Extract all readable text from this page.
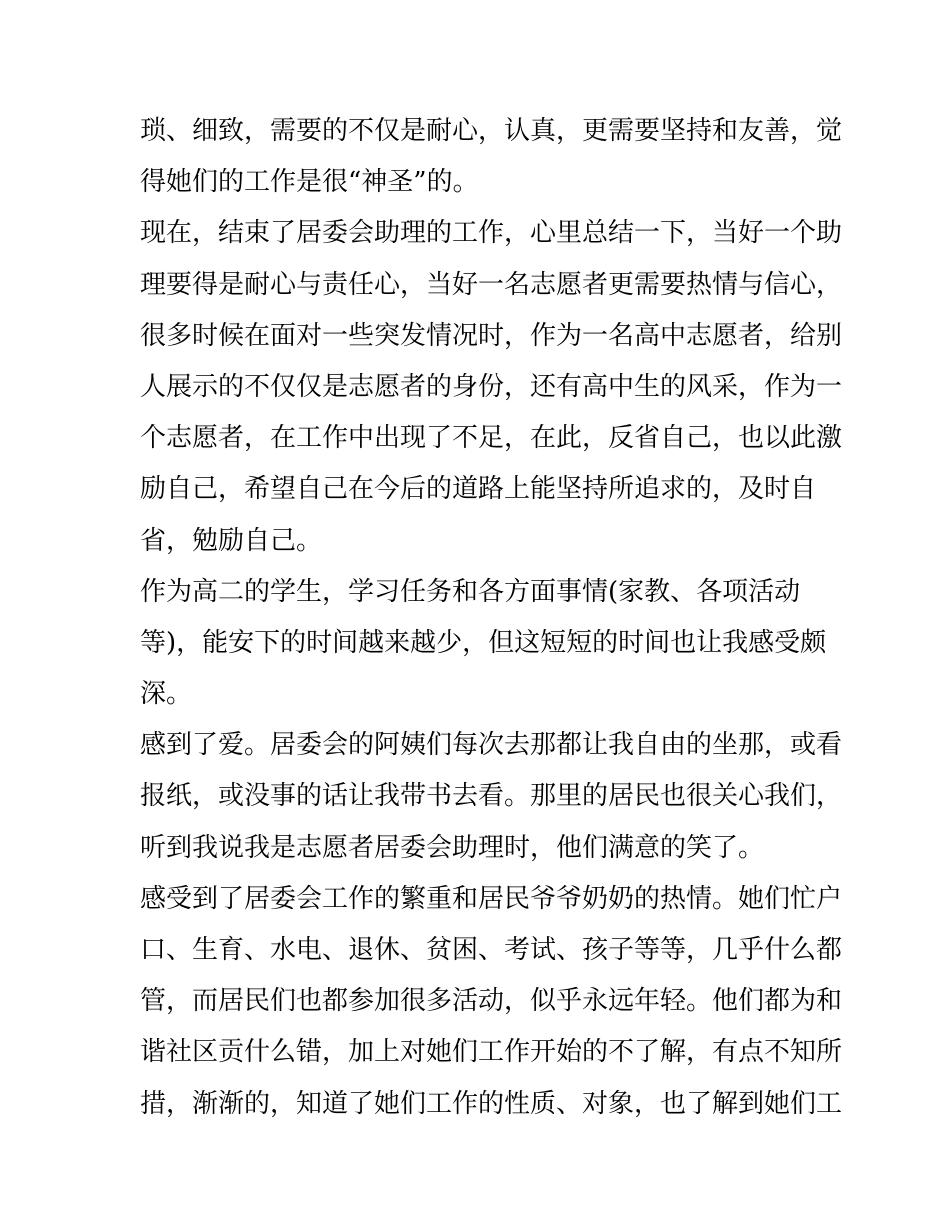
琐、细致，需要的不仅是耐心，认真，更需要坚持和友善，觉
得她们的工作是很“神圣”的。
现在，结束了居委会助理的工作，心里总结一下，当好一个助
理要得是耐心与责任心，当好一名志愿者更需要热情与信心，
很多时候在面对一些突发情况时，作为一名高中志愿者，给别
人展示的不仅仅是志愿者的身份，还有高中生的风采，作为一
个志愿者，在工作中出现了不足，在此，反省自己，也以此激
励自己，希望自己在今后的道路上能坚持所追求的，及时自
省，勉励自己。
作为高二的学生，学习任务和各方面事情(家教、各项活动
等)，能安下的时间越来越少，但这短短的时间也让我感受颇
深。
感到了爱。居委会的阿姨们每次去那都让我自由的坐那，或看
报纸，或没事的话让我带书去看。那里的居民也很关心我们，
听到我说我是志愿者居委会助理时，他们满意的笑了。
感受到了居委会工作的繁重和居民爷爷奶奶的热情。她们忙户
口、生育、水电、退休、贫困、考试、孩子等等，几乎什么都
管，而居民们也都参加很多活动，似乎永远年轻。他们都为和
谐社区贡什么错，加上对她们工作开始的不了解，有点不知所
措，渐渐的，知道了她们工作的性质、对象，也了解到她们工
